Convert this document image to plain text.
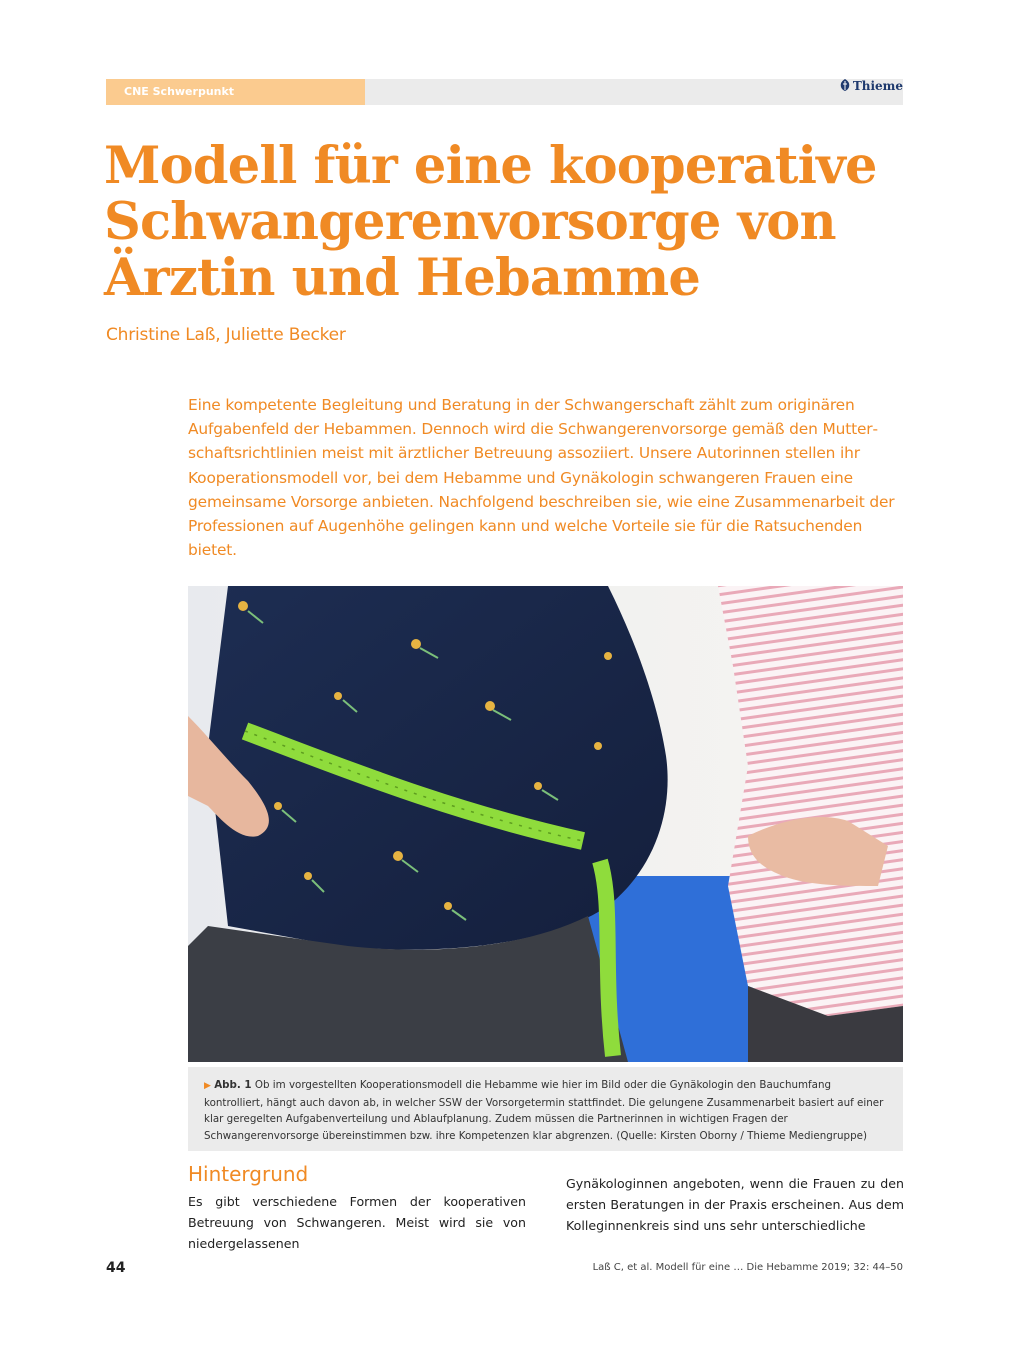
CNE Schwerpunkt	Thieme
Modell für eine kooperative Schwangerenvorsorge von Ärztin und Hebamme
Christine Laß, Juliette Becker

Eine kompetente Begleitung und Beratung in der Schwangerschaft zählt zum originären Aufgabenfeld der Hebammen. Dennoch wird die Schwangerenvorsorge gemäß den Mutterschaftsrichtlinien meist mit ärztlicher Betreuung assoziiert. Unsere Autorinnen stellen ihr Kooperationsmodell vor, bei dem Hebamme und Gynäkologin schwangeren Frauen eine gemeinsame Vorsorge anbieten. Nachfolgend beschreiben sie, wie eine Zusammenarbeit der Professionen auf Augenhöhe gelingen kann und welche Vorteile sie für die Ratsuchenden bietet.

▶ Abb. 1 Ob im vorgestellten Kooperationsmodell die Hebamme wie hier im Bild oder die Gynäkologin den Bauchumfang kontrolliert, hängt auch davon ab, in welcher SSW der Vorsorgetermin stattfindet. Die gelungene Zusammenarbeit basiert auf einer klar geregelten Aufgabenverteilung und Ablaufplanung. Zudem müssen die Partnerinnen in wichtigen Fragen der Schwangerenvorsorge übereinstimmen bzw. ihre Kompetenzen klar abgrenzen. (Quelle: Kirsten Oborny / Thieme Mediengruppe)
Hintergrund

Es gibt verschiedene Formen der kooperativen Betreuung von Schwangeren. Meist wird sie von niedergelassenen

Gynäkologinnen angeboten, wenn die Frauen zu den ersten Beratungen in der Praxis erscheinen. Aus dem Kolleginnenkreis sind uns sehr unterschiedliche

44	Laß C, et al. Modell für eine … Die Hebamme 2019; 32: 44–50
